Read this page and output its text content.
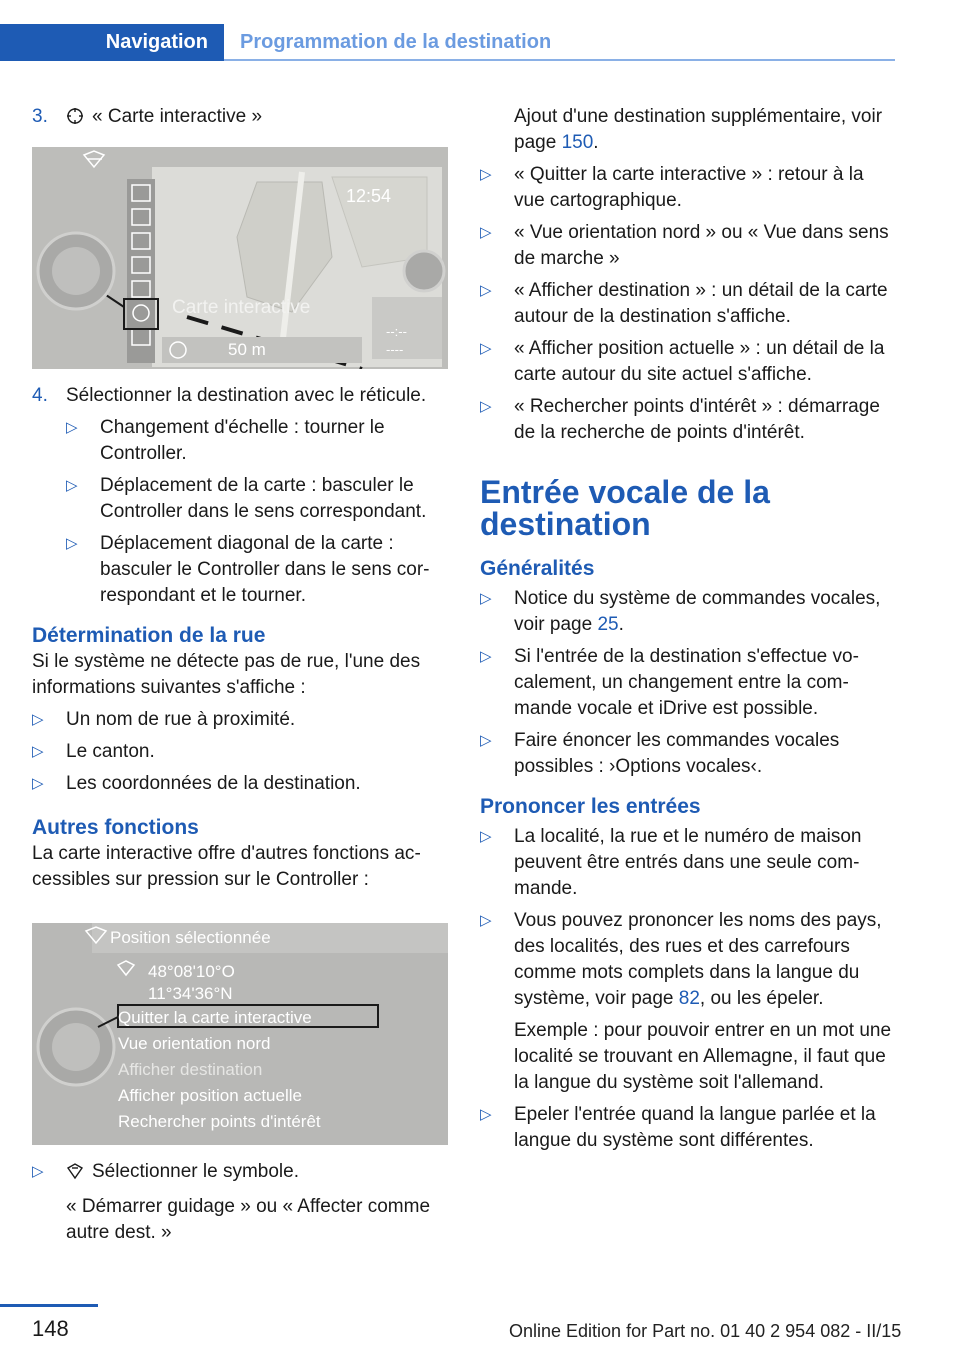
Navigation	Programmation de la destination
3.	« Carte interactive »
12:54
Carte interactive
50 m
--:--
----
4. Sélectionner la destination avec le réticule.
▷ Changement d'échelle : tourner le Controller.
▷ Déplacement de la carte : basculer le Controller dans le sens correspondant.
▷ Déplacement diagonal de la carte : basculer le Controller dans le sens correspondant et le tourner.
Détermination de la rue

Si le système ne détecte pas de rue, l'une des informations suivantes s'affiche :

▷ Un nom de rue à proximité.
▷ Le canton.
▷ Les coordonnées de la destination.
Autres fonctions

La carte interactive offre d'autres fonctions accessibles sur pression sur le Controller :

Position sélectionnée
48°08'10°O
11°34'36°N
Quitter la carte interactive
Vue orientation nord
Afficher destination
Afficher position actuelle
Rechercher points d'intérêt
▷	Sélectionner le symbole.

« Démarrer guidage » ou « Affecter comme autre dest. »

Ajout d'une destination supplémentaire, voir page 150.

▷ « Quitter la carte interactive » : retour à la vue cartographique.
▷ « Vue orientation nord » ou « Vue dans sens de marche »
▷ « Afficher destination » : un détail de la carte autour de la destination s'affiche.
▷ « Afficher position actuelle » : un détail de la carte autour du site actuel s'affiche.
▷ « Rechercher points d'intérêt » : démarrage de la recherche de points d'intérêt.
Entrée vocale de la destination
Généralités
▷ Notice du système de commandes vocales, voir page 25.
▷ Si l'entrée de la destination s'effectue vocalement, un changement entre la commande vocale et iDrive est possible.
▷ Faire énoncer les commandes vocales possibles : ›Options vocales‹.
Prononcer les entrées
▷ La localité, la rue et le numéro de maison peuvent être entrés dans une seule commande.
▷ Vous pouvez prononcer les noms des pays, des localités, des rues et des carrefours comme mots complets dans la langue du système, voir page 82, ou les épeler.

Exemple : pour pouvoir entrer en un mot une localité se trouvant en Allemagne, il faut que la langue du système soit l'allemand.

▷ Epeler l'entrée quand la langue parlée et la langue du système sont différentes.
148	Online Edition for Part no. 01 40 2 954 082 - II/15
